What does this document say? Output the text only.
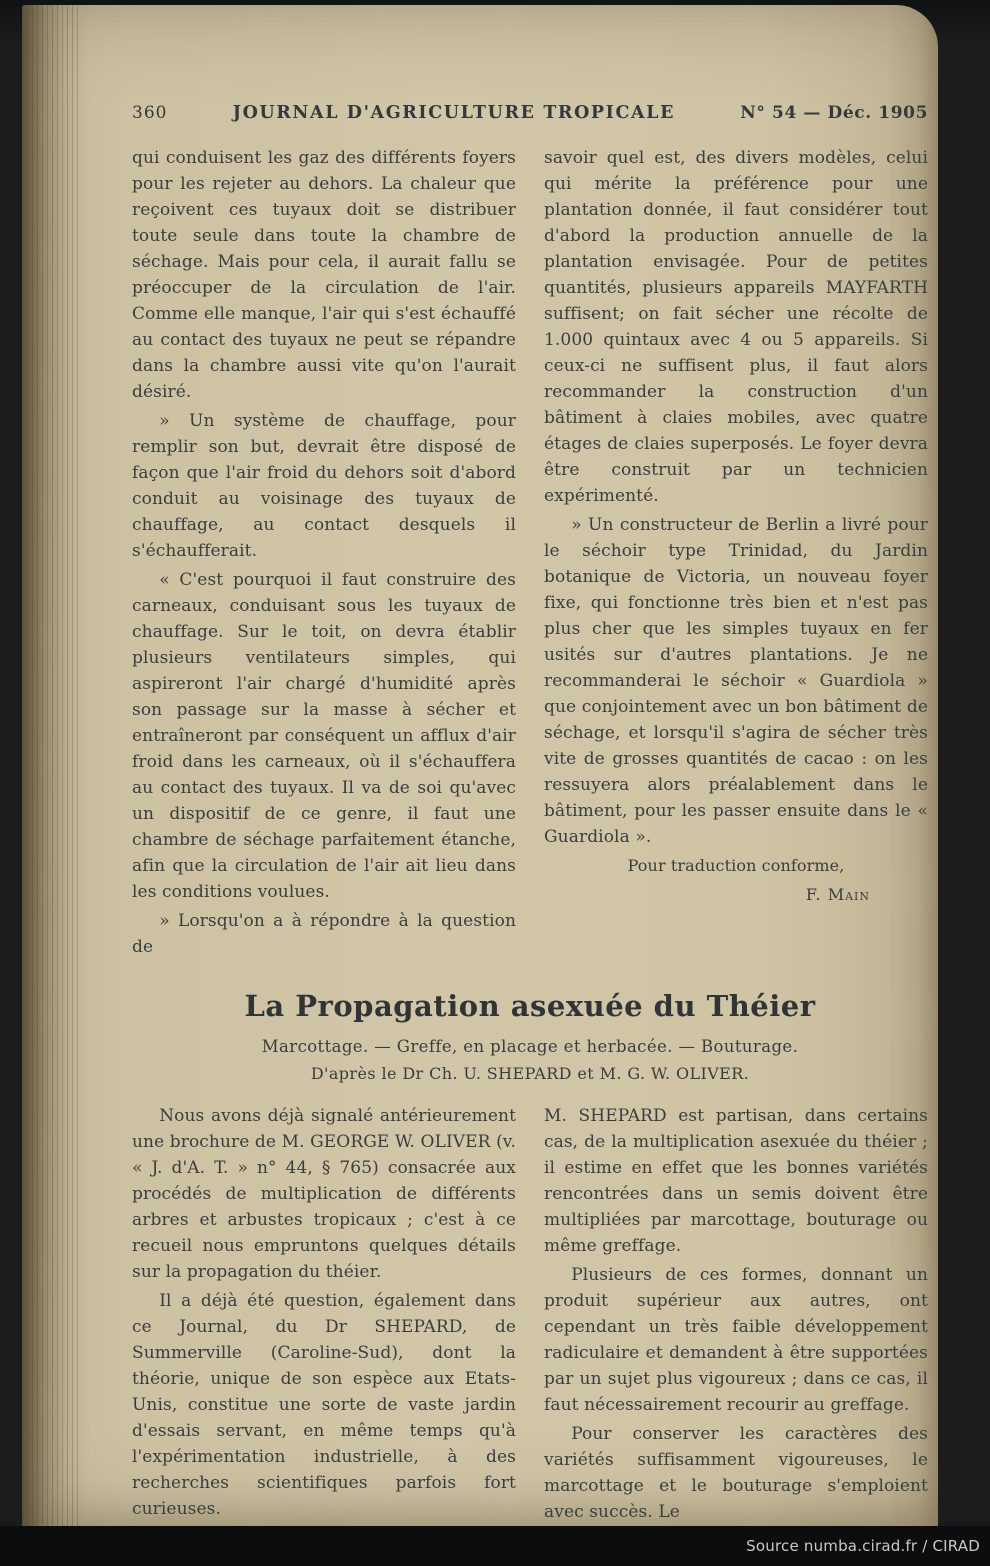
360	JOURNAL D'AGRICULTURE TROPICALE	N° 54 — Déc. 1905

qui conduisent les gaz des différents foyers pour les rejeter au dehors. La chaleur que reçoivent ces tuyaux doit se distribuer toute seule dans toute la chambre de séchage. Mais pour cela, il aurait fallu se préoccuper de la circulation de l'air. Comme elle manque, l'air qui s'est échauffé au contact des tuyaux ne peut se répandre dans la chambre aussi vite qu'on l'aurait désiré.

» Un système de chauffage, pour remplir son but, devrait être disposé de façon que l'air froid du dehors soit d'abord conduit au voisinage des tuyaux de chauffage, au contact desquels il s'échaufferait.

« C'est pourquoi il faut construire des carneaux, conduisant sous les tuyaux de chauffage. Sur le toit, on devra établir plusieurs ventilateurs simples, qui aspireront l'air chargé d'humidité après son passage sur la masse à sécher et entraîneront par conséquent un afflux d'air froid dans les carneaux, où il s'échauffera au contact des tuyaux. Il va de soi qu'avec un dispositif de ce genre, il faut une chambre de séchage parfaitement étanche, afin que la circulation de l'air ait lieu dans les conditions voulues.

» Lorsqu'on a à répondre à la question de

savoir quel est, des divers modèles, celui qui mérite la préférence pour une plantation donnée, il faut considérer tout d'abord la production annuelle de la plantation envisagée. Pour de petites quantités, plusieurs appareils MAYFARTH suffisent; on fait sécher une récolte de 1.000 quintaux avec 4 ou 5 appareils. Si ceux-ci ne suffisent plus, il faut alors recommander la construction d'un bâtiment à claies mobiles, avec quatre étages de claies superposés. Le foyer devra être construit par un technicien expérimenté.

» Un constructeur de Berlin a livré pour le séchoir type Trinidad, du Jardin botanique de Victoria, un nouveau foyer fixe, qui fonctionne très bien et n'est pas plus cher que les simples tuyaux en fer usités sur d'autres plantations. Je ne recommanderai le séchoir « Guardiola » que conjointement avec un bon bâtiment de séchage, et lorsqu'il s'agira de sécher très vite de grosses quantités de cacao : on les ressuyera alors préalablement dans le bâtiment, pour les passer ensuite dans le « Guardiola ».

Pour traduction conforme,

F. Main

La Propagation asexuée du Théier

Marcottage. — Greffe, en placage et herbacée. — Bouturage.

D'après le Dr Ch. U. SHEPARD et M. G. W. OLIVER.

Nous avons déjà signalé antérieurement une brochure de M. GEORGE W. OLIVER (v. « J. d'A. T. » n° 44, § 765) consacrée aux procédés de multiplication de différents arbres et arbustes tropicaux ; c'est à ce recueil nous empruntons quelques détails sur la propagation du théier.

Il a déjà été question, également dans ce Journal, du Dr SHEPARD, de Summerville (Caroline-Sud), dont la théorie, unique de son espèce aux Etats-Unis, constitue une sorte de vaste jardin d'essais servant, en même temps qu'à l'expérimentation industrielle, à des recherches scientifiques parfois fort curieuses.

M. SHEPARD est partisan, dans certains cas, de la multiplication asexuée du théier ; il estime en effet que les bonnes variétés rencontrées dans un semis doivent être multipliées par marcottage, bouturage ou même greffage.

Plusieurs de ces formes, donnant un produit supérieur aux autres, ont cependant un très faible développement radiculaire et demandent à être supportées par un sujet plus vigoureux ; dans ce cas, il faut nécessairement recourir au greffage.

Pour conserver les caractères des variétés suffisamment vigoureuses, le marcottage et le bouturage s'emploient avec succès. Le

Source numba.cirad.fr / CIRAD
